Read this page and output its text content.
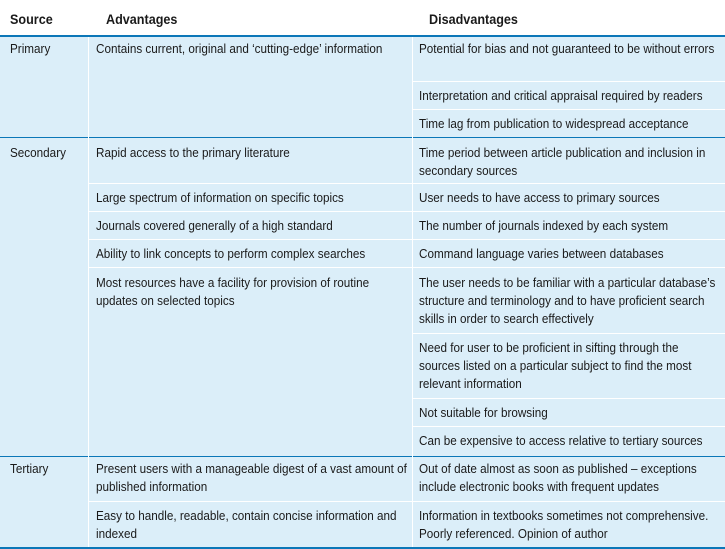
Source	Advantages	Disadvantages
Primary
Secondary
Tertiary
Contains current, original and ‘cutting-edge’ information
Rapid access to the primary literature
Large spectrum of information on specific topics
Journals covered generally of a high standard
Ability to link concepts to perform complex searches
Most resources have a facility for provision of routine updates on selected topics
Present users with a manageable digest of a vast amount of published information
Easy to handle, readable, contain concise information and indexed
Potential for bias and not guaranteed to be without errors
Interpretation and critical appraisal required by readers
Time lag from publication to widespread acceptance
Time period between article publication and inclusion in secondary sources
User needs to have access to primary sources
The number of journals indexed by each system
Command language varies between databases
The user needs to be familiar with a particular database’s structure and terminology and to have proficient search skills in order to search effectively
Need for user to be proficient in sifting through the sources listed on a particular subject to find the most relevant information
Not suitable for browsing
Can be expensive to access relative to tertiary sources
Out of date almost as soon as published – exceptions include electronic books with frequent updates
Information in textbooks sometimes not comprehensive. Poorly referenced. Opinion of author
